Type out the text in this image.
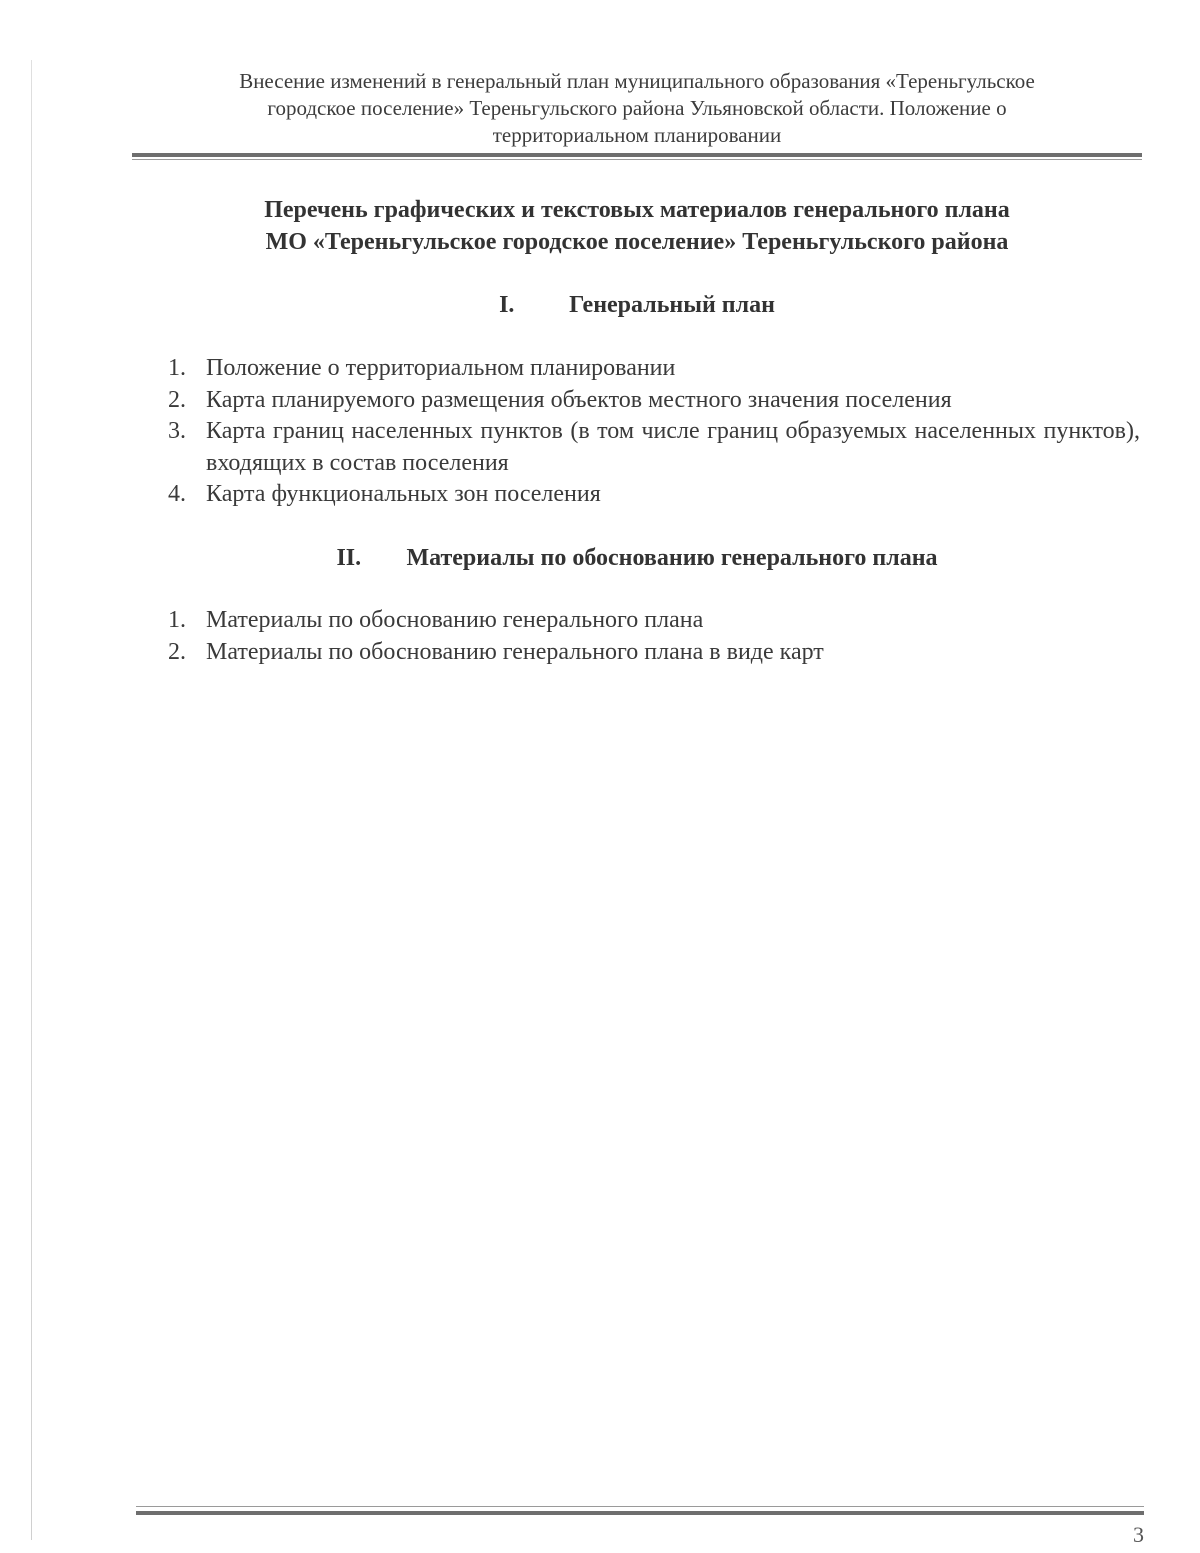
Внесение изменений в генеральный план муниципального образования «Тереньгульское
городское поселение» Тереньгульского района Ульяновской области. Положение о
территориальном планировании
Перечень графических и текстовых материалов генерального плана
МО «Тереньгульское городское поселение» Тереньгульского района
I. Генеральный план
1. Положение о территориальном планировании
2. Карта планируемого размещения объектов местного значения поселения
3. Карта границ населенных пунктов (в том числе границ образуемых населенных пунктов), входящих в состав поселения
4. Карта функциональных зон поселения
II. Материалы по обоснованию генерального плана
1. Материалы по обоснованию генерального плана
2. Материалы по обоснованию генерального плана в виде карт
3
